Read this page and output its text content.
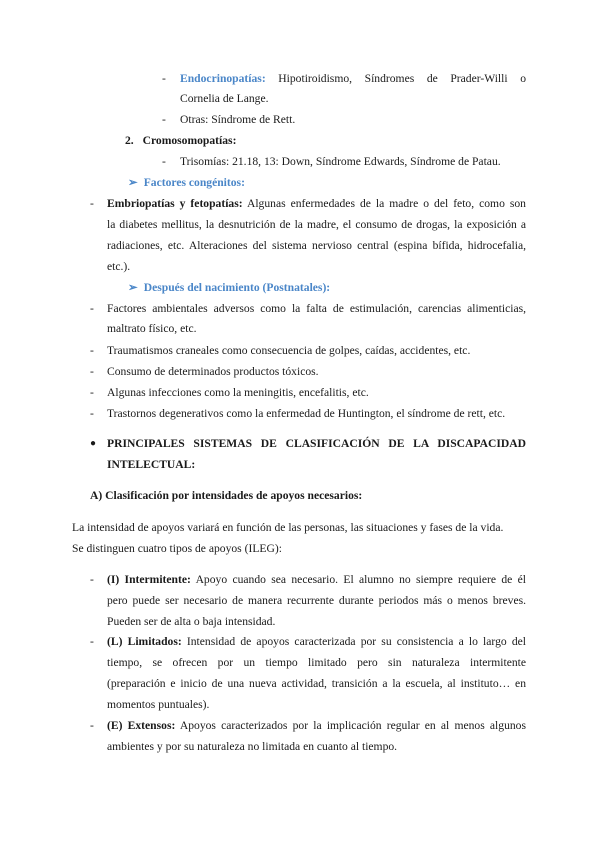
- Endocrinopatías: Hipotiroidismo, Síndromes de Prader-Willi o
Cornelia de Lange.
- Otras: Síndrome de Rett.
2. Cromosomopatías:
- Trisomías: 21.18, 13: Down, Síndrome Edwards, Síndrome de Patau.
➢ Factores congénitos:
- Embriopatías y fetopatías: Algunas enfermedades de la madre o del feto, como son
la diabetes mellitus, la desnutrición de la madre, el consumo de drogas, la exposición a
radiaciones, etc. Alteraciones del sistema nervioso central (espina bífida, hidrocefalia,
etc.).
➢ Después del nacimiento (Postnatales):
- Factores ambientales adversos como la falta de estimulación, carencias alimenticias,
maltrato físico, etc.
- Traumatismos craneales como consecuencia de golpes, caídas, accidentes, etc.
- Consumo de determinados productos tóxicos.
- Algunas infecciones como la meningitis, encefalitis, etc.
- Trastornos degenerativos como la enfermedad de Huntington, el síndrome de rett, etc.
● PRINCIPALES SISTEMAS DE CLASIFICACIÓN DE LA DISCAPACIDAD
INTELECTUAL:
A) Clasificación por intensidades de apoyos necesarios:
La intensidad de apoyos variará en función de las personas, las situaciones y fases de la vida.
Se distinguen cuatro tipos de apoyos (ILEG):
- (I) Intermitente: Apoyo cuando sea necesario. El alumno no siempre requiere de él
pero puede ser necesario de manera recurrente durante periodos más o menos breves.
Pueden ser de alta o baja intensidad.
- (L) Limitados: Intensidad de apoyos caracterizada por su consistencia a lo largo del
tiempo, se ofrecen por un tiempo limitado pero sin naturaleza intermitente
(preparación e inicio de una nueva actividad, transición a la escuela, al instituto… en
momentos puntuales).
- (E) Extensos: Apoyos caracterizados por la implicación regular en al menos algunos
ambientes y por su naturaleza no limitada en cuanto al tiempo.
